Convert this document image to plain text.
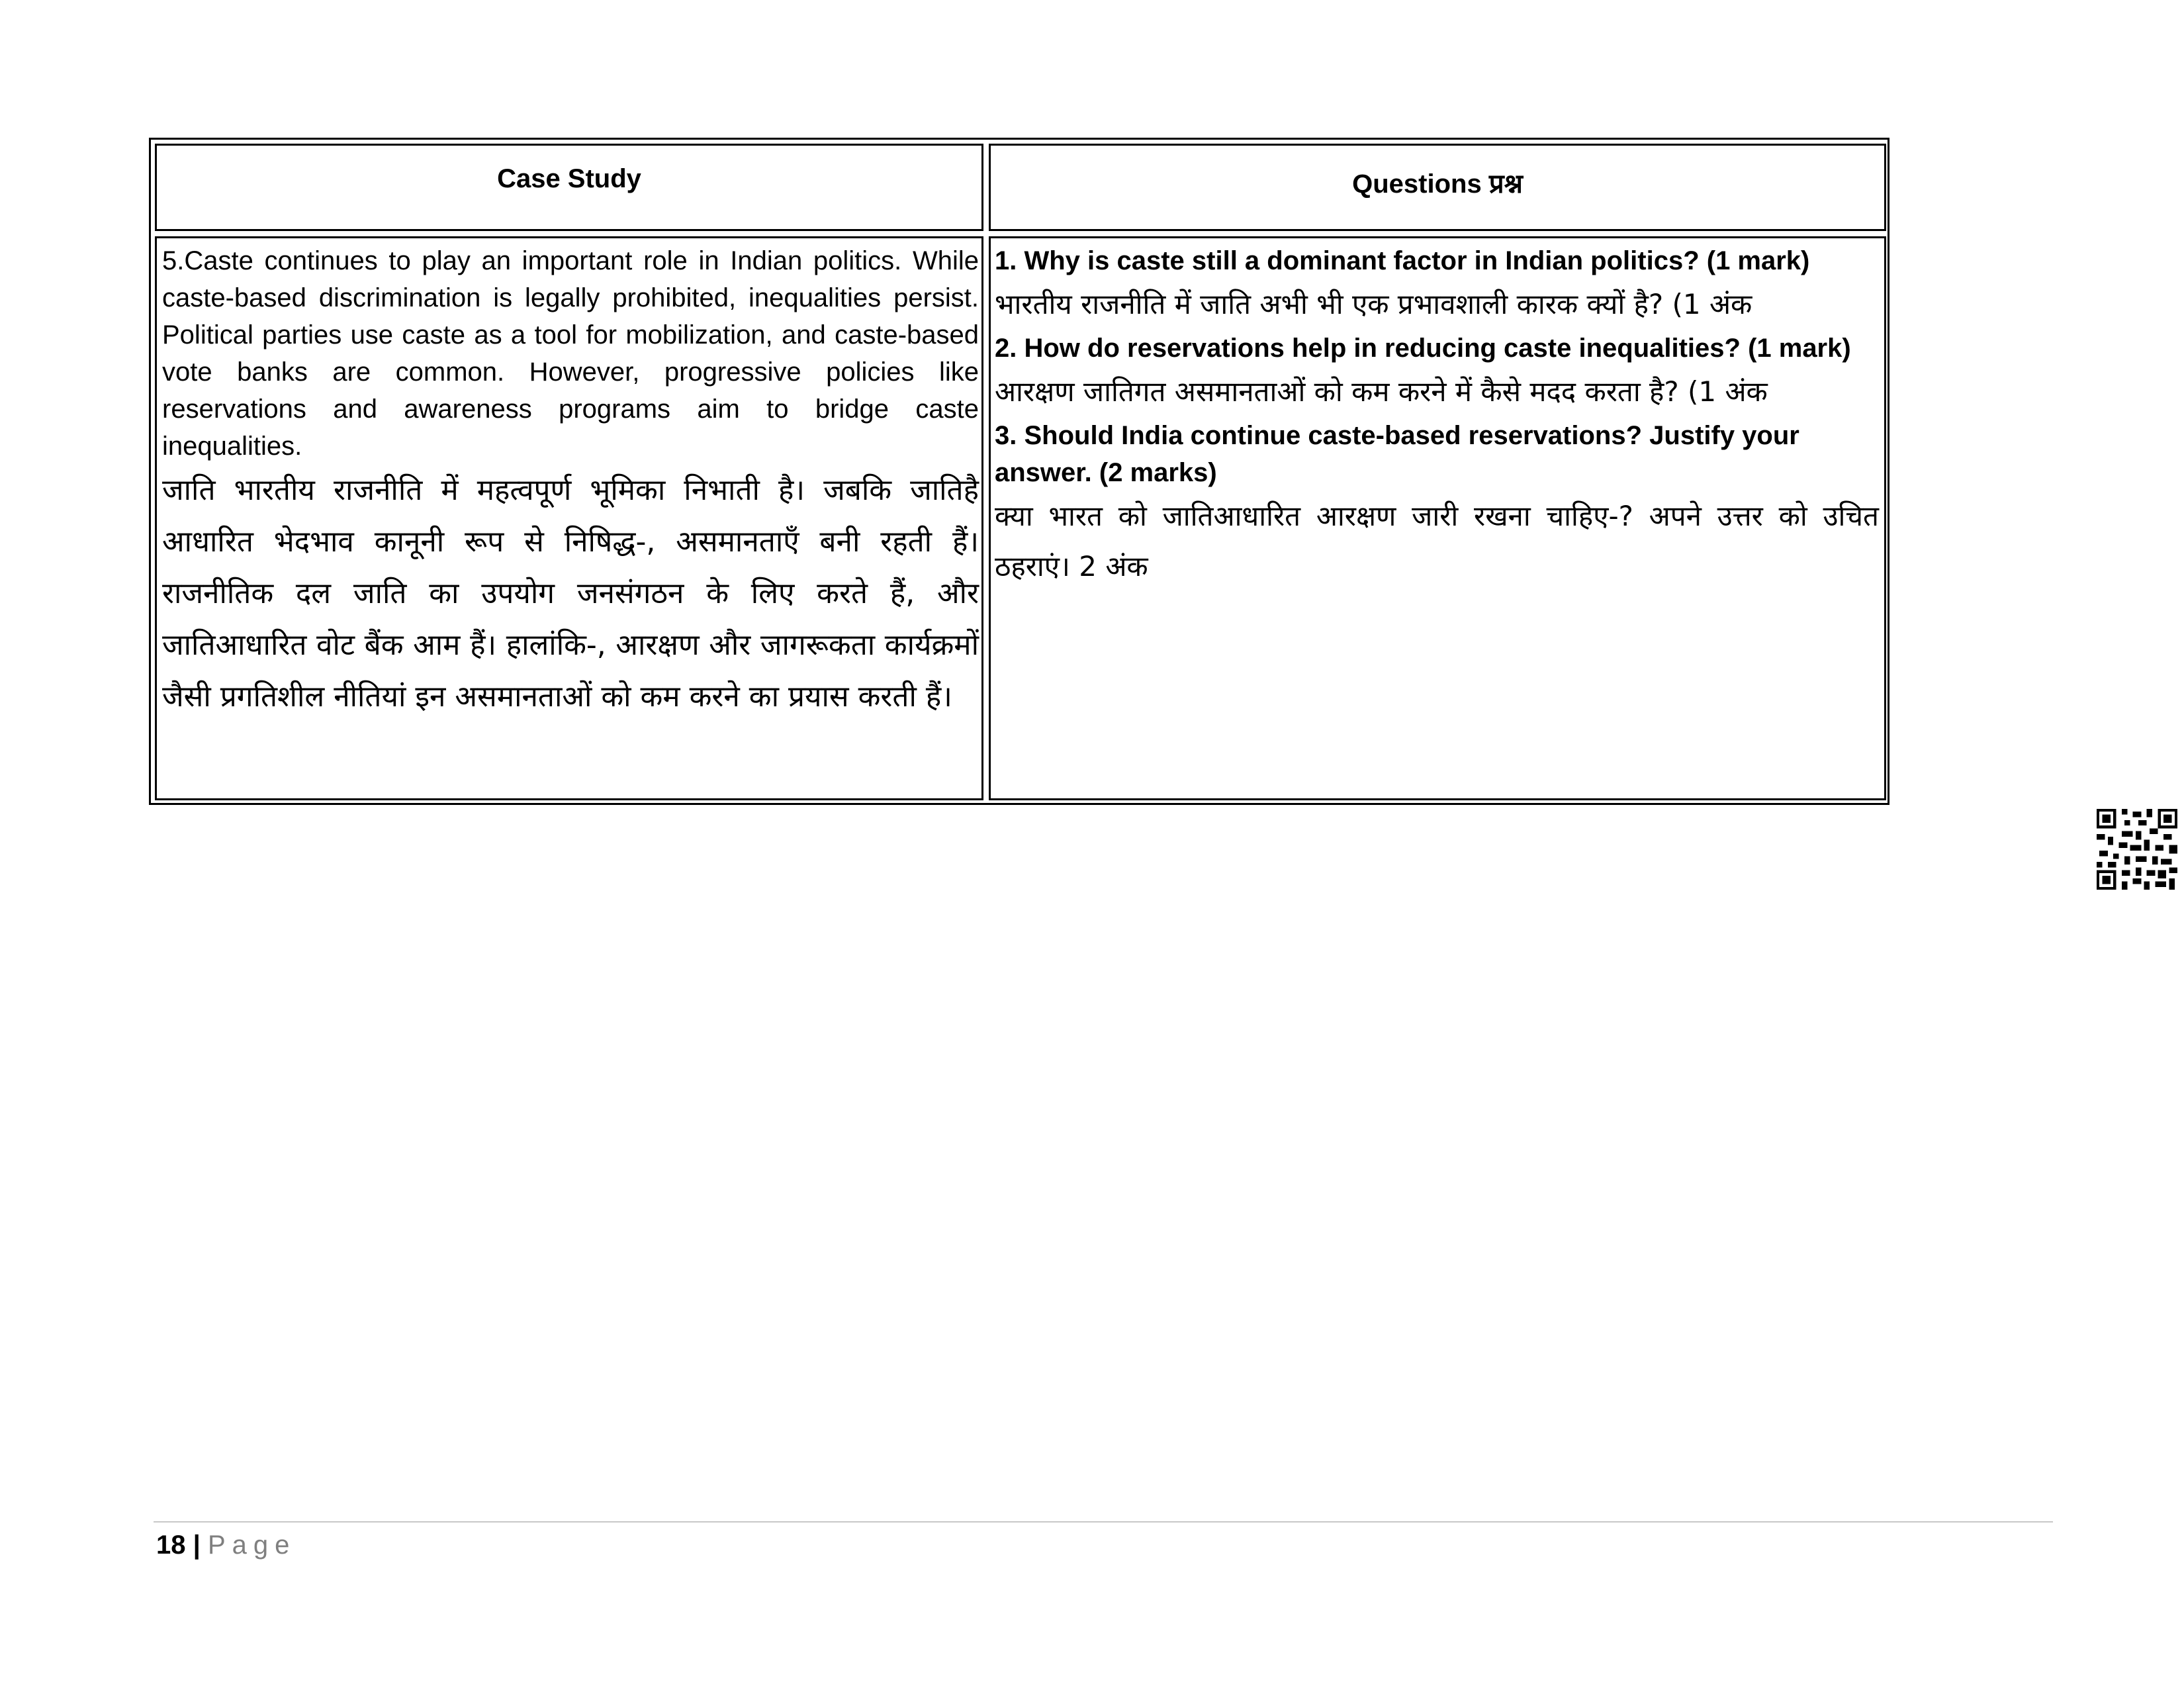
Case Study	Questions प्रश्न
5.Caste continues to play an important role in Indian politics. While caste-based discrimination is legally prohibited, inequalities persist. Political parties use caste as a tool for mobilization, and caste-based vote banks are common. However, progressive policies like reservations and awareness programs aim to bridge caste inequalities.
जाति भारतीय राजनीति में महत्वपूर्ण भूमिका निभाती है। जबकि जातिहै आधारित भेदभाव कानूनी रूप से निषिद्ध-, असमानताएँ बनी रहती हैं। राजनीतिक दल जाति का उपयोग जनसंगठन के लिए करते हैं, और जातिआधारित वोट बैंक आम हैं। हालांकि-, आरक्षण और जागरूकता कार्यक्रमों जैसी प्रगतिशील नीतियां इन असमानताओं को कम करने का प्रयास करती हैं।
1. Why is caste still a dominant factor in Indian politics? (1 mark)
भारतीय राजनीति में जाति अभी भी एक प्रभावशाली कारक क्यों है? (1 अंक
2. How do reservations help in reducing caste inequalities? (1 mark)
आरक्षण जातिगत असमानताओं को कम करने में कैसे मदद करता है? (1 अंक
3. Should India continue caste-based reservations? Justify your answer. (2 marks)
क्या भारत को जातिआधारित आरक्षण जारी रखना चाहिए-? अपने उत्तर को उचित ठहराएं। 2 अंक
18 | Page
